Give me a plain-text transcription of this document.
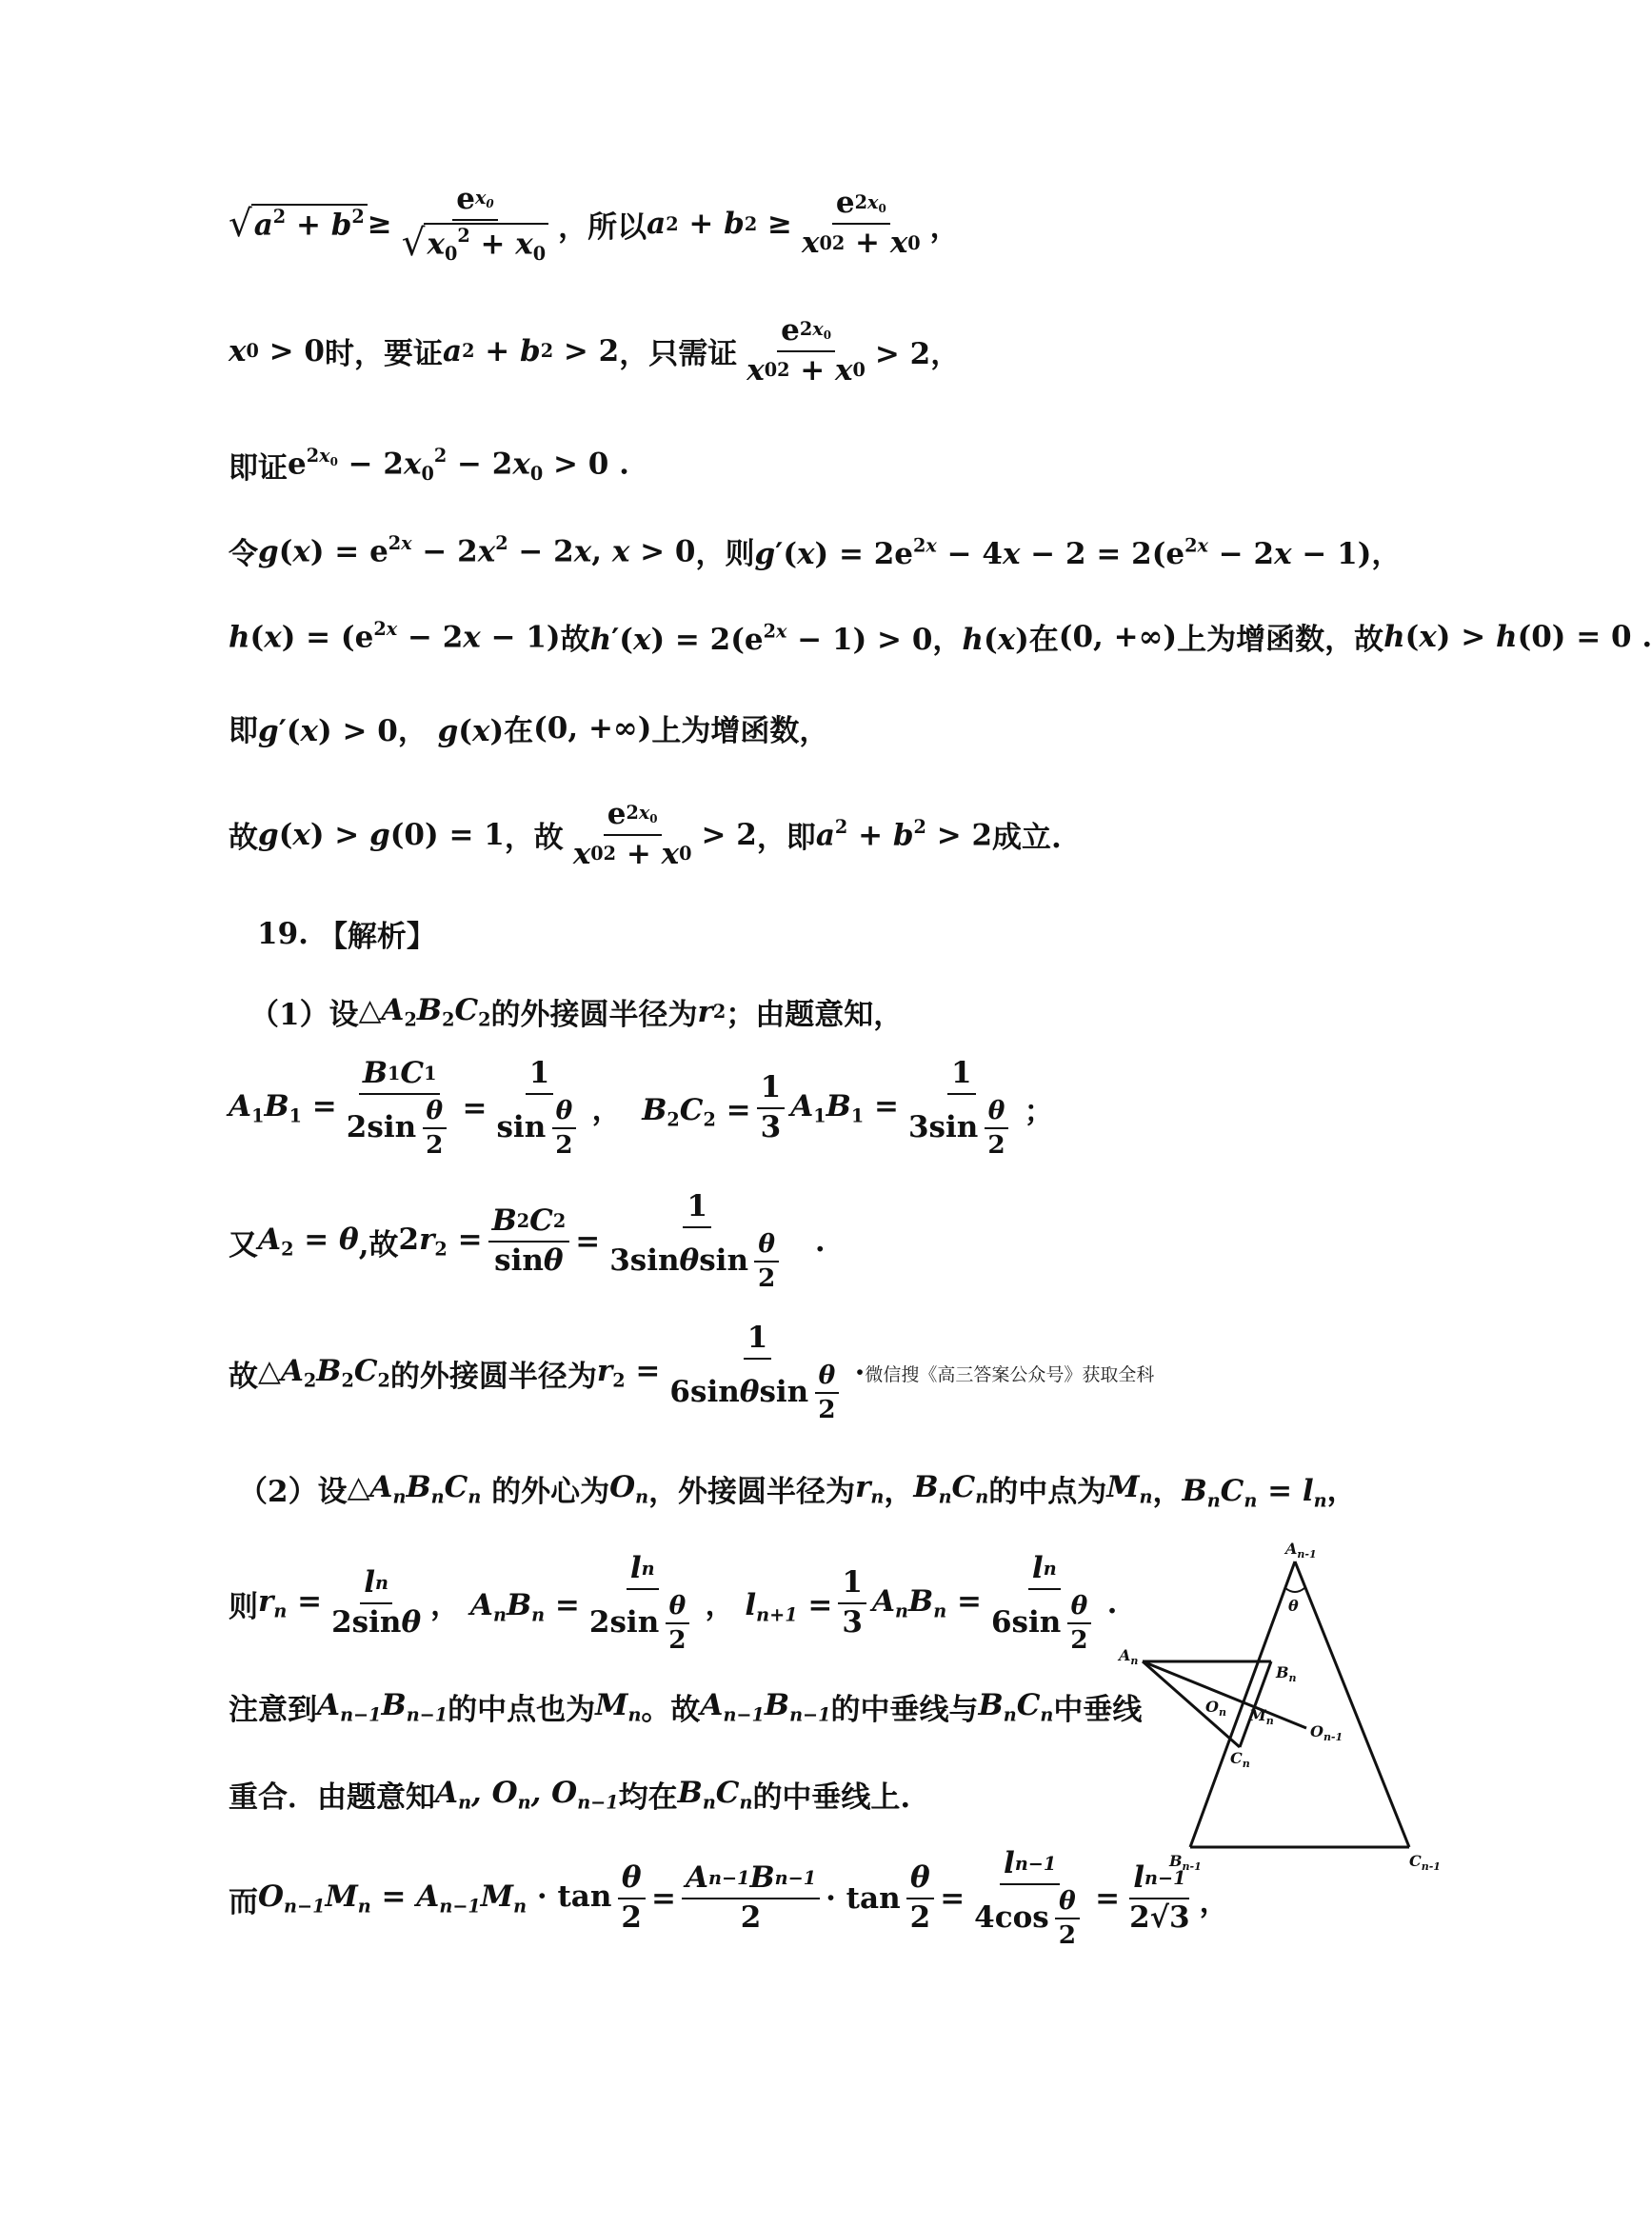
√ $a^2 + b^2 \ge \frac{e x_0}{√ x_0^2 + x_0}$ ，所以 a 2 + b $2 \ge \frac{e 2x_0}{x 0 2 + x 0}$ ，
x 0 > 0 时，要证 a 2 + b 2 > 2 ，只需证 $\frac{e 2x_0}{x 0 2 + x 0} > 2$，
即证 $e^{2x_0} - 2x_0^2 - 2x_0 > 0$ .
令 $g(x) = e^{2x} - 2x^2 - 2x$, x > 0 ，则 $g'(x) = 2e^{2x} - 4x - 2 = 2(e^{2x} - 2x - 1)$，
$h(x) = (e^{2x} - 2x - 1)$ 故 $h'(x) = 2(e^{2x} - 1) > 0$，h(x) 在 (0, +∞) 上为增函数，故 h(x) > h(0) = 0 .
即 g′(x) > 0， g(x) 在 (0, +∞) 上为增函数，
故 g(x) > g(0) = 1 ，故 $\frac{e 2x_0}{x 0 2 + x 0} > 2$ ，即 $a^2 + b^2 > 2$ 成立.
19. 【解析】
（1）设 $\triangle A_2B_2C_2$ 的外接圆半径为 r 2 ；由题意知，
$A_1B_1 = \frac{B 1 C 1}{2\sin \frac{\theta}{2}} = \frac{1}{\sin \frac{\theta}{2}}$ ，  $B_2C_2 = \frac{1}{3} A_1B_1 = \frac{1}{3\sin \frac{\theta}{2}}$ ；
又 $A_2 = \theta$ ,故 $2r_2 = \frac{B 2 C 2}{\text{sin θ}} = \frac{1}{3\sin \theta \sin \frac{\theta}{2}}$ .
故 $\triangle A_2B_2C_2$ 的外接圆半径为 $r_2 = \frac{1}{6\sin \theta \sin \frac{\theta}{2}}$ · 微信搜《高三答案公众号》获取全科
（2）设 $\triangle A_nB_nC_n$ 的外心为 $O_n$ ，外接圆半径为 $r_n$ ， $B_nC_n$ 的中点为 $M_n$ ， $B_nC_n = l_n$，
则 $r_n = \frac{\text{l n}}{\text{2sin θ}}$ ， $A_nB_n = \frac{\text{l n}}{2\sin \frac{\theta}{2}}$ ， $l_{n+1} = \frac{1}{3} A_nB_n = \frac{\text{l n}}{6\sin \frac{\theta}{2}}$ .
注意到 $A_{n-1}B_{n-1}$ 的中点也为 $M_n$ 。故 $A_{n-1}B_{n-1}$ 的中垂线与 $B_nC_n$ 中垂线
重合．由题意知 $A_n$, $O_n$, $O_{n-1}$ 均在 $B_nC_n$ 的中垂线上.
而 $O_{n-1}M_n = A_{n-1}M_n \cdot \tan \frac{\theta}{2} = \frac{\text{A n−1 B n−1}}{2} \cdot \tan \frac{\theta}{2} = \frac{\text{l n−1}}{4\cos \frac{\theta}{2}} = \frac{\text{l n−1}}{2√3}$ ，
$A_{n-1}$
θ
$A_n$
$B_n$
$O_n$ $M_n$
$C_n$
$O_{n-1}$
$B_{n-1}$	$C_{n-1}$
